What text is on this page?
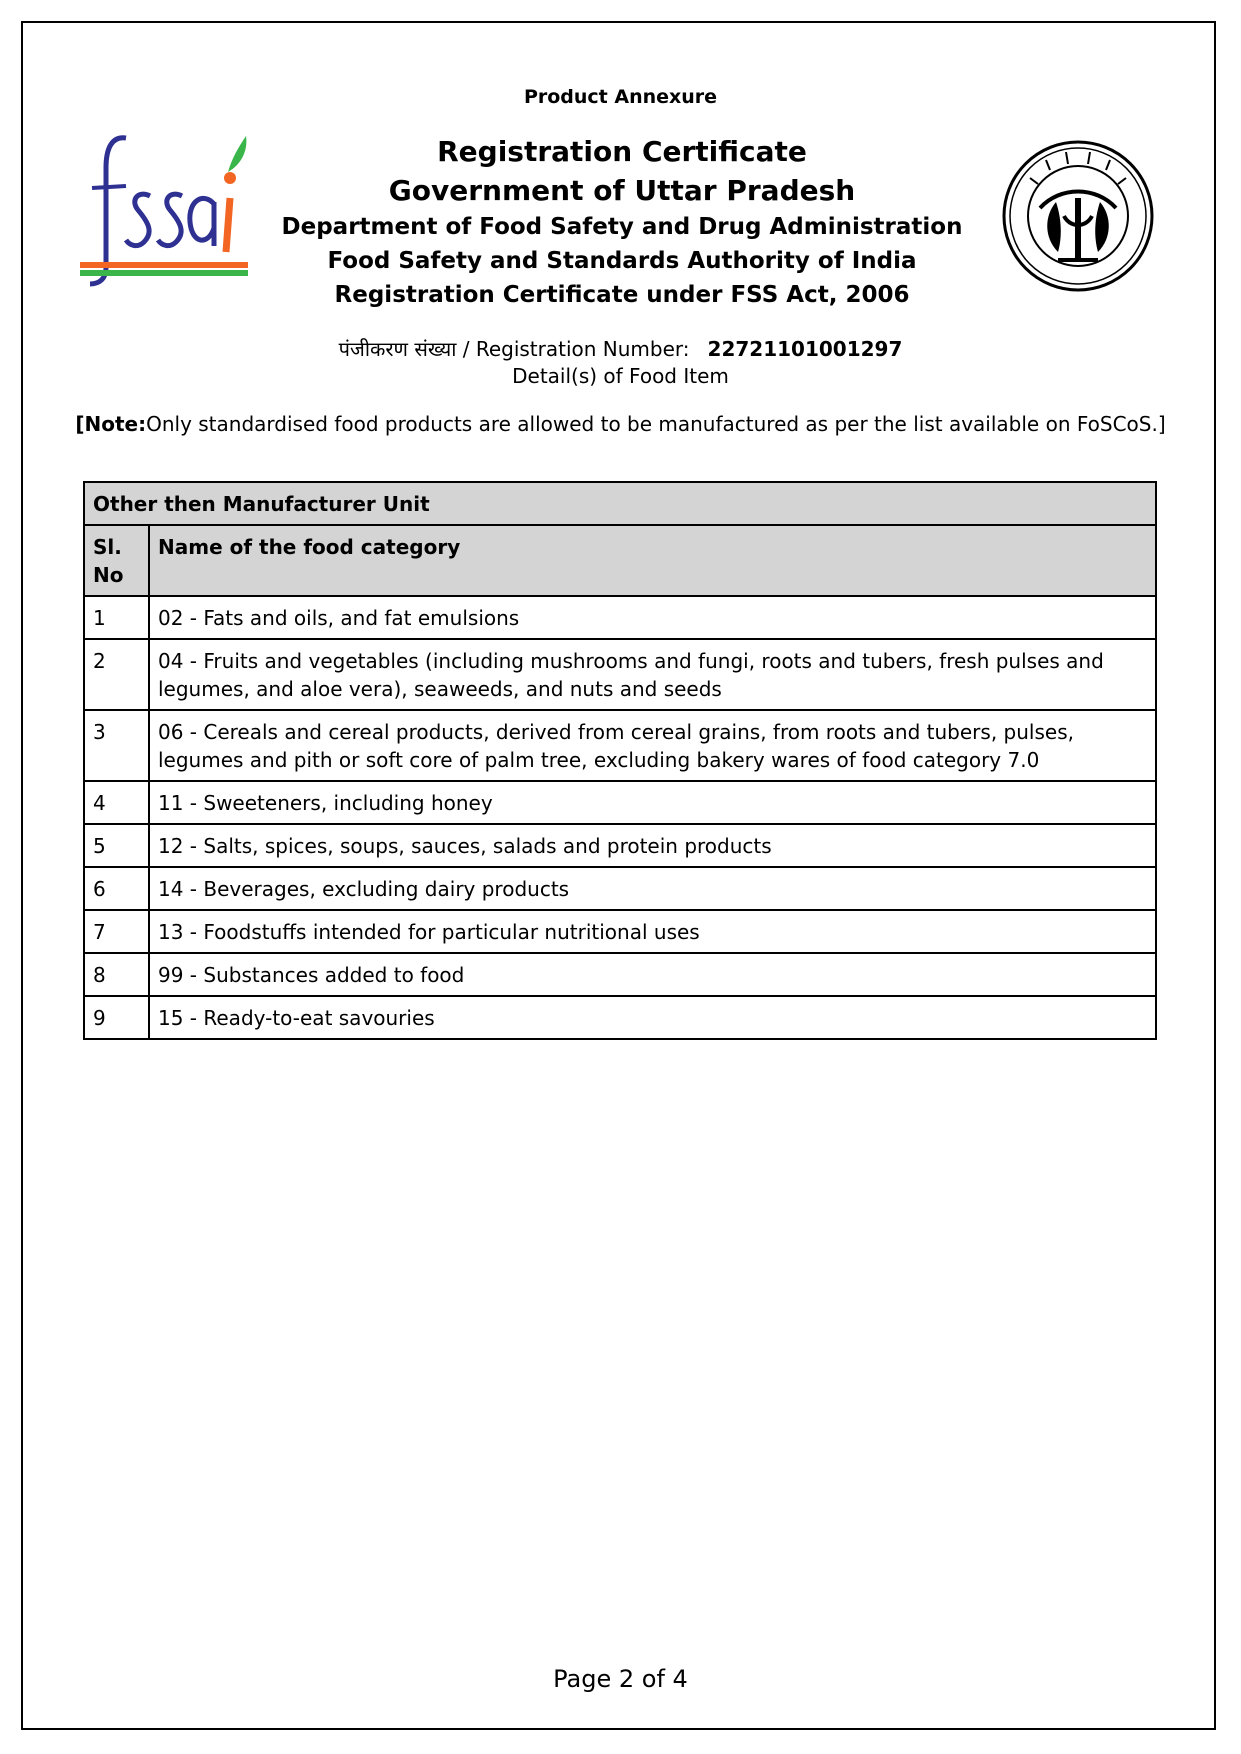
Product Annexure
Registration Certificate
Government of Uttar Pradesh
Department of Food Safety and Drug Administration
Food Safety and Standards Authority of India
Registration Certificate under FSS Act, 2006
पंजीकरण संख्या / Registration Number: 22721101001297
Detail(s) of Food Item
[Note:Only standardised food products are allowed to be manufactured as per the list available on FoSCoS.]
Other then Manufacturer Unit	
Sl. No	Name of the food category
1	02 - Fats and oils, and fat emulsions
2	04 - Fruits and vegetables (including mushrooms and fungi, roots and tubers, fresh pulses and legumes, and aloe vera), seaweeds, and nuts and seeds
3	06 - Cereals and cereal products, derived from cereal grains, from roots and tubers, pulses, legumes and pith or soft core of palm tree, excluding bakery wares of food category 7.0
4	11 - Sweeteners, including honey
5	12 - Salts, spices, soups, sauces, salads and protein products
6	14 - Beverages, excluding dairy products
7	13 - Foodstuffs intended for particular nutritional uses
8	99 - Substances added to food
9	15 - Ready-to-eat savouries
Page 2 of 4
